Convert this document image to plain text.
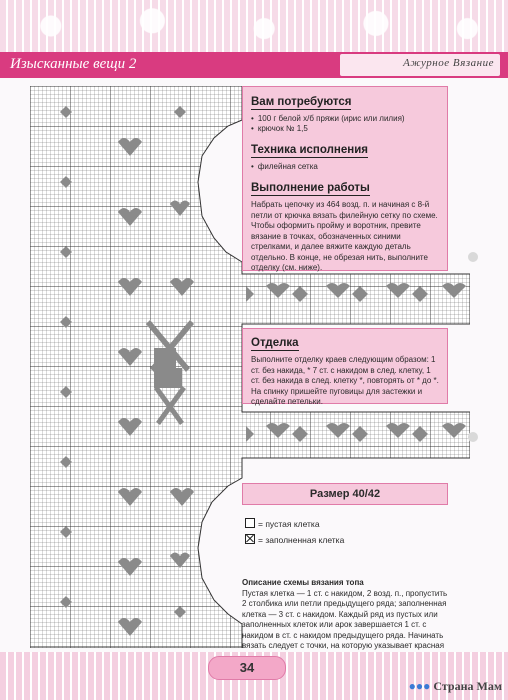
Изысканные вещи 2	Ажурное Вязание
Вам потребуются
• 100 г белой х/б пряжи (ирис или лилия)
• крючок № 1,5
Техника исполнения
• филейная сетка
Выполнение работы

Набрать цепочку из 464 возд. п. и начиная с 8-й петли от крючка вязать филейную сетку по схеме. Чтобы оформить пройму и воротник, превите вязание в точках, обозначенных синими стрелками, и далее вяжите каждую деталь отдельно. В конце, не обрезая нить, выполните отделку (см. ниже).

Отделка

Выполните отделку краев следующим образом: 1 ст. без накида, * 7 ст. с накидом в след. клетку, 1 ст. без накида в след. клетку *, повторять от * до *. На спинку пришейте пуговицы для застежки и сделайте петельки.

Размер 40/42
= пустая клетка
= заполненная клетка
Описание схемы вязания топа
Пустая клетка — 1 ст. с накидом, 2 возд. п., пропустить 2 столбика или петли предыдущего ряда; заполненная клетка — 3 ст. с накидом. Каждый ряд из пустых или заполненных клеток или арок завершается 1 ст. с накидом в ст. с накидом предыдущего ряда. Начинать вязать следует с точки, на которую указывает красная
34
●●● Страна Мам
